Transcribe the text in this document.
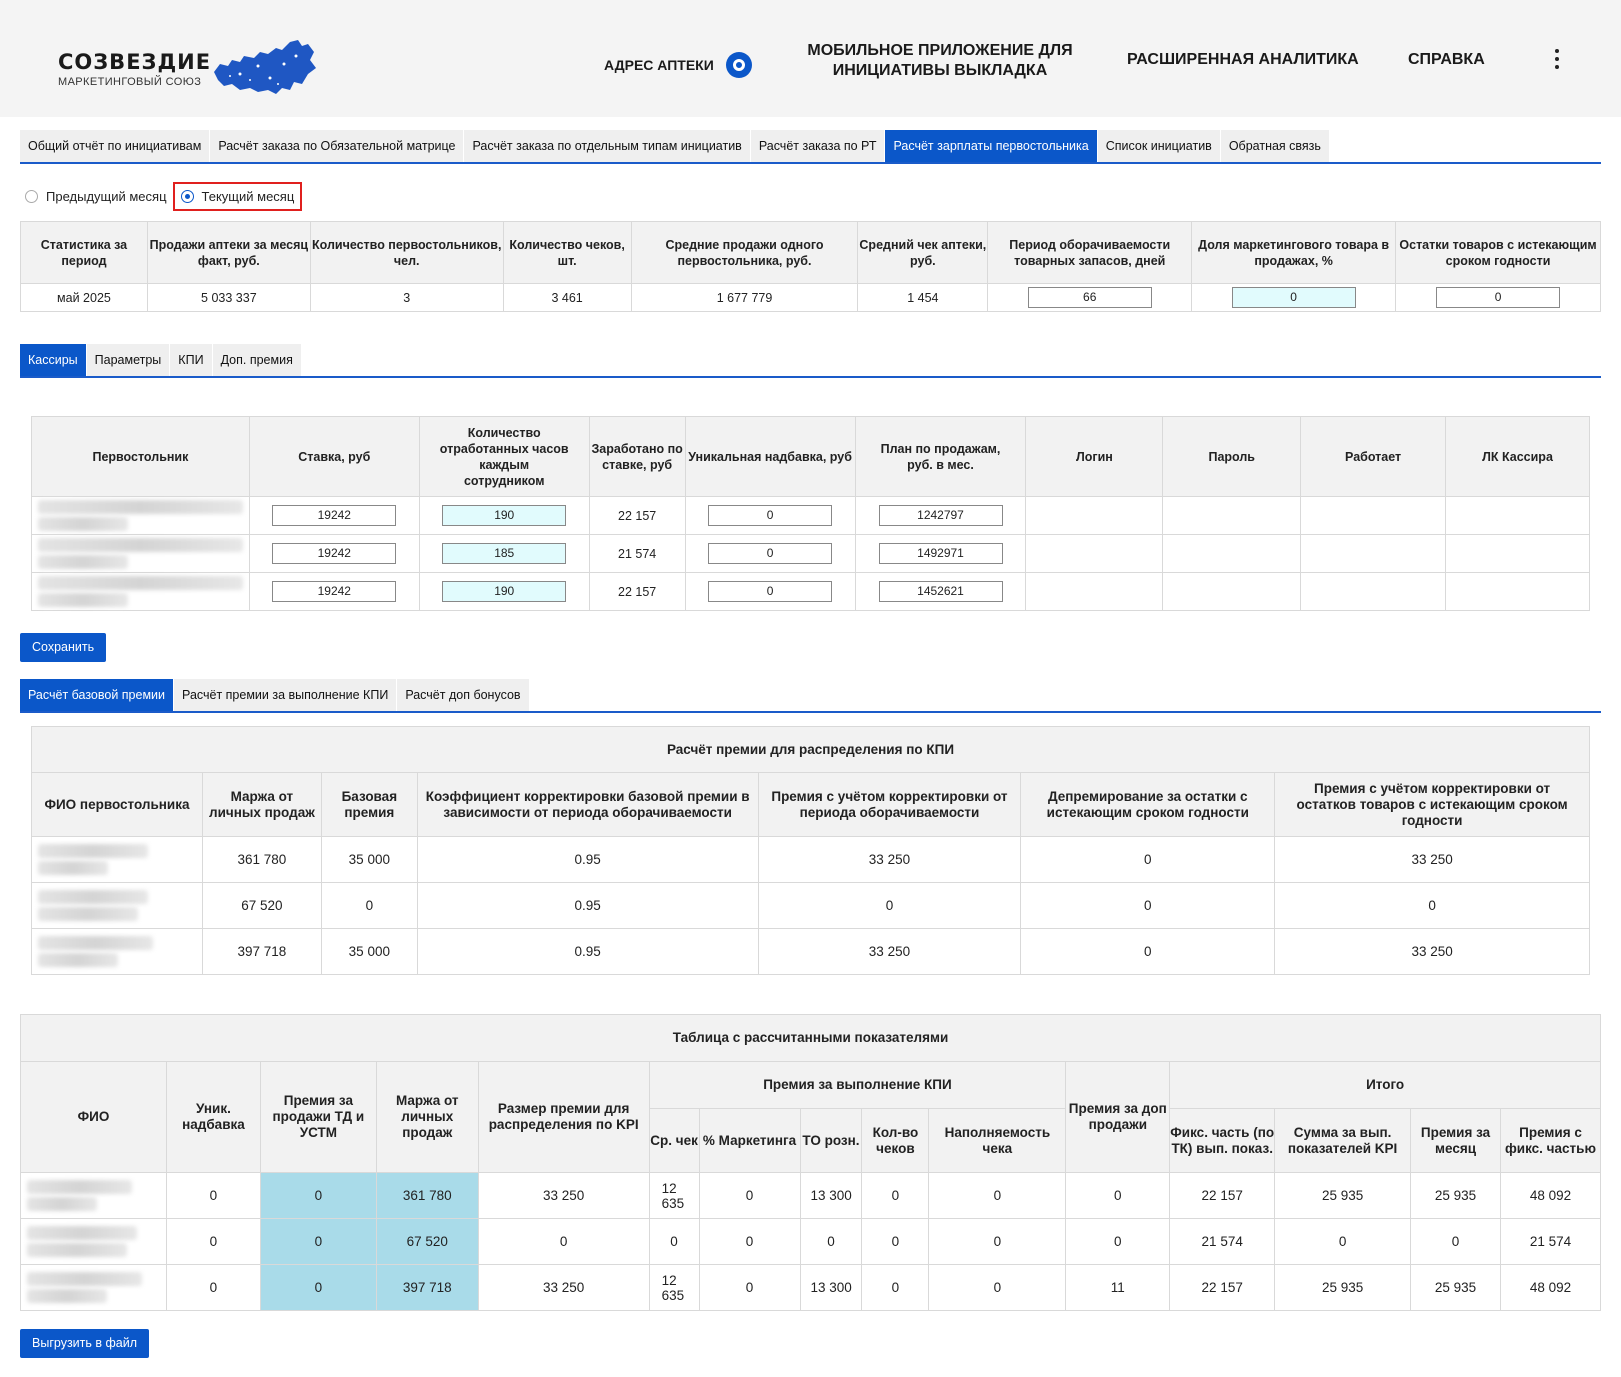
СОЗВЕЗДИЕ
МАРКЕТИНГОВЫЙ СОЮЗ
АДРЕС АПТЕКИ
МОБИЛЬНОЕ ПРИЛОЖЕНИЕ ДЛЯ ИНИЦИАТИВЫ ВЫКЛАДКА
РАСШИРЕННАЯ АНАЛИТИКА	СПРАВКА
Общий отчёт по инициативам	Расчёт заказа по Обязательной матрице	Расчёт заказа по отдельным типам инициатив	Расчёт заказа по РТ	Расчёт зарплаты первостольника	Список инициатив	Обратная связь
Предыдущий месяц	Текущий месяц
Статистика за период	Продажи аптеки за месяц факт, руб.	Количество первостольников, чел.	Количество чеков, шт.	Средние продажи одного первостольника, руб.	Средний чек аптеки, руб.	Период оборачиваемости товарных запасов, дней	Доля маркетингового товара в продажах, %	Остатки товаров с истекающим сроком годности
май 2025	5 033 337	3	3 461	1 677 779	1 454	66	0	0
Кассиры	Параметры	КПИ	Доп. премия
Первостольник	Ставка, руб	Количество отработанных часов каждым сотрудником	Заработано по ставке, руб	Уникальная надбавка, руб	План по продажам, руб. в мес.	Логин	Пароль	Работает	ЛК Кассира

	19242	190	22 157	0	1242797				

	19242	185	21 574	0	1492971				

	19242	190	22 157	0	1452621				
Сохранить
Расчёт базовой премии	Расчёт премии за выполнение КПИ	Расчёт доп бонусов
Расчёт премии для распределения по КПИ						
ФИО первостольника	Маржа от личных продаж	Базовая премия	Коэффициент корректировки базовой премии в зависимости от периода оборачиваемости	Премия с учётом корректировки от периода оборачиваемости	Депремирование за остатки с истекающим сроком годности	Премия с учётом корректировки от остатков товаров с истекающим сроком годности

	361 780	35 000	0.95	33 250	0	33 250

	67 520	0	0.95	0	0	0

	397 718	35 000	0.95	33 250	0	33 250
Таблица с рассчитанными показателями														
ФИО	Уник. надбавка	Премия за продажи ТД и УСТМ	Маржа от личных продаж	Размер премии для распределения по KPI	Премия за выполнение КПИ					Премия за доп продажи	Итого			
					Ср. чек	% Маркетинга	ТО розн.	Кол-во чеков	Наполняемость чека		Фикс. часть (по ТК) вып. показ.	Сумма за вып. показателей KPI	Премия за месяц	Премия с фикс. частью

	0	0	361 780	33 250	12 635	0	13 300	0	0	0	22 157	25 935	25 935	48 092

	0	0	67 520	0	0	0	0	0	0	0	21 574	0	0	21 574

	0	0	397 718	33 250	12 635	0	13 300	0	0	11	22 157	25 935	25 935	48 092
Выгрузить в файл
